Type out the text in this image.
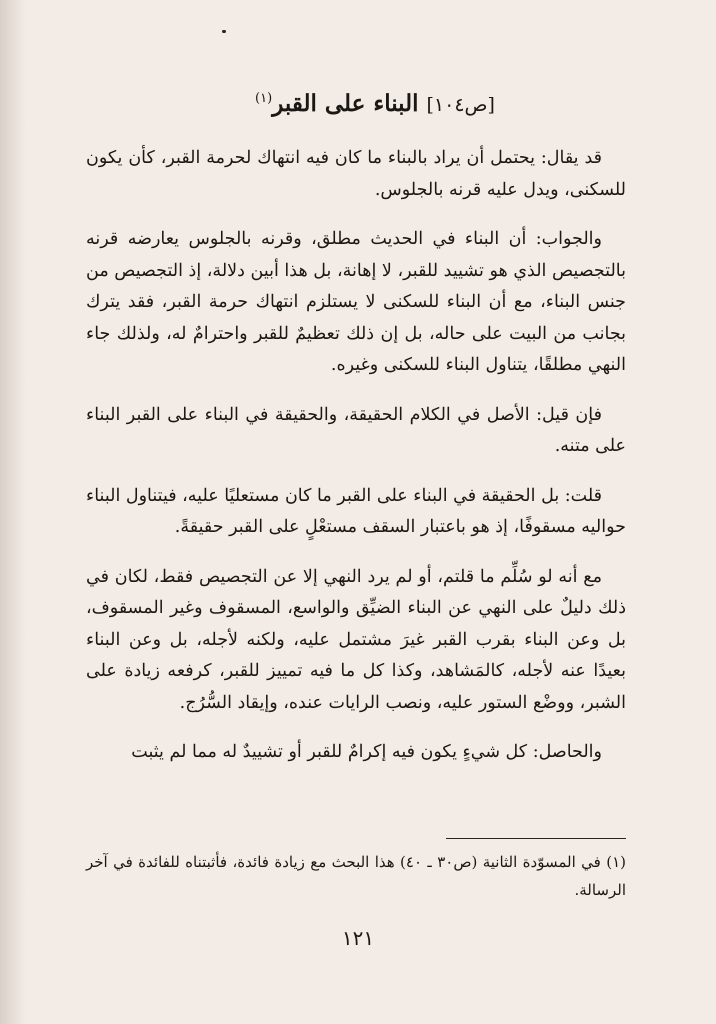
[ص١٠٤] البناء على القبر$^{(١)}$

قد يقال: يحتمل أن يراد بالبناء ما كان فيه انتهاك لحرمة القبر، كأن يكون للسكنى، ويدل عليه قرنه بالجلوس.

والجواب: أن البناء في الحديث مطلق، وقرنه بالجلوس يعارضه قرنه بالتجصيص الذي هو تشييد للقبر، لا إهانة، بل هذا أبين دلالة، إذ التجصيص من جنس البناء، مع أن البناء للسكنى لا يستلزم انتهاك حرمة القبر، فقد يترك بجانب من البيت على حاله، بل إن ذلك تعظيمٌ للقبر واحترامٌ له، ولذلك جاء النهي مطلقًا، يتناول البناء للسكنى وغيره.

فإن قيل: الأصل في الكلام الحقيقة، والحقيقة في البناء على القبر البناء على متنه.

قلت: بل الحقيقة في البناء على القبر ما كان مستعليًا عليه، فيتناول البناء حواليه مسقوفًا، إذ هو باعتبار السقف مستعْلٍ على القبر حقيقةً.

مع أنه لو سُلِّم ما قلتم، أو لم يرد النهي إلا عن التجصيص فقط، لكان في ذلك دليلٌ على النهي عن البناء الضيِّق والواسع، المسقوف وغير المسقوف، بل وعن البناء بقرب القبر غيرَ مشتمل عليه، ولكنه لأجله، بل وعن البناء بعيدًا عنه لأجله، كالمَشاهد، وكذا كل ما فيه تمييز للقبر، كرفعه زيادة على الشبر، ووضْع الستور عليه، ونصب الرايات عنده، وإيقاد السُّرُج.

والحاصل: كل شيءٍ يكون فيه إكرامٌ للقبر أو تشييدٌ له مما لم يثبت

(١) في المسوّدة الثانية (ص٣٠ ـ ٤٠) هذا البحث مع زيادة فائدة، فأثبتناه للفائدة في آخر الرسالة.
١٢١
